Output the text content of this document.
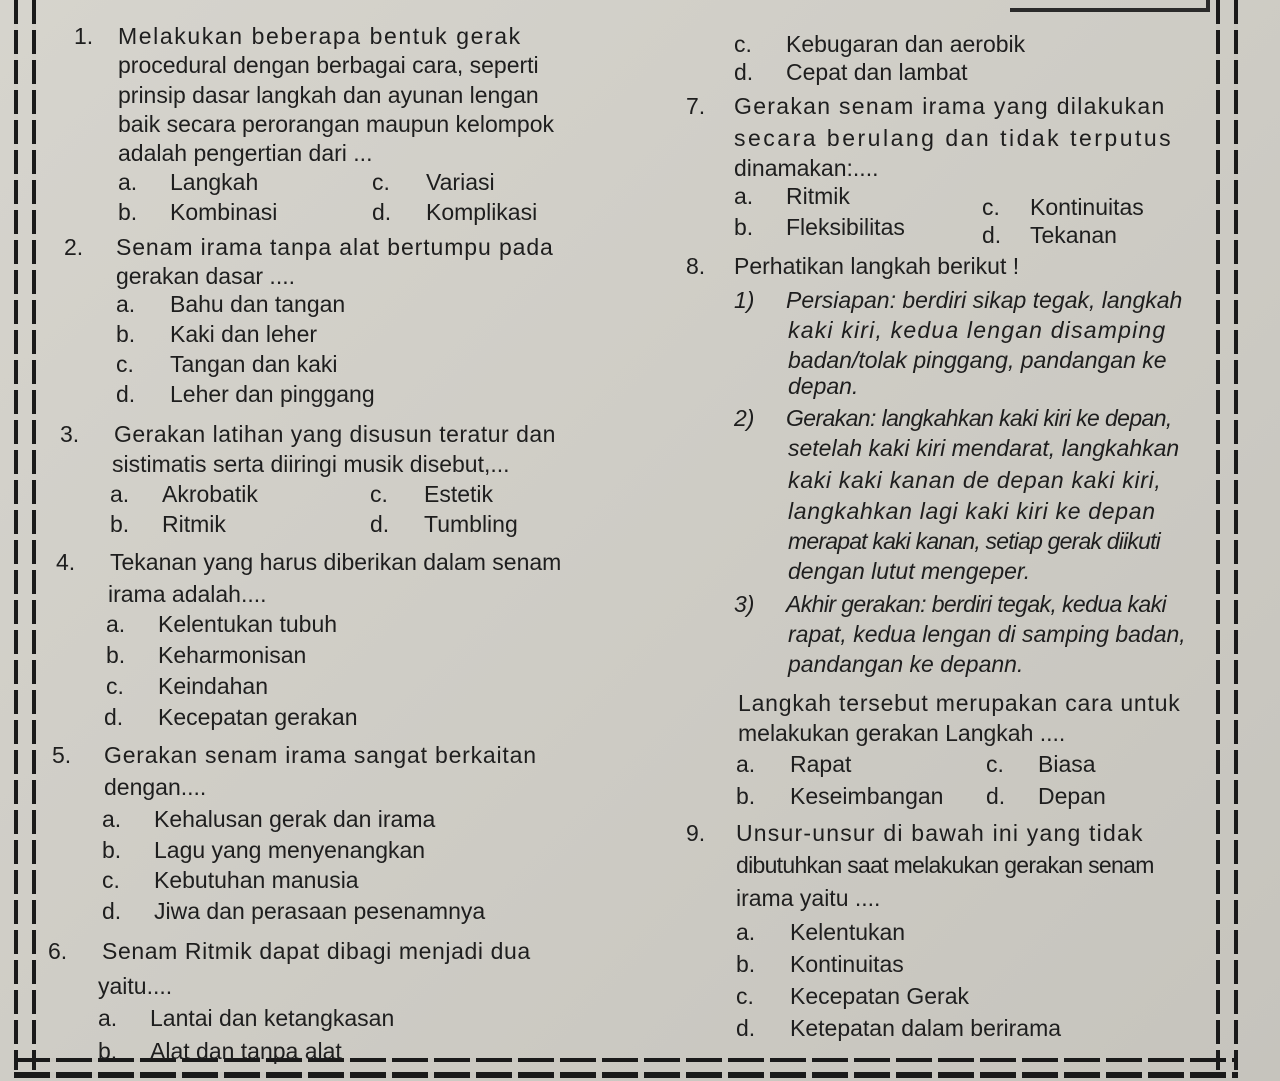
1. Melakukan beberapa bentuk gerak
procedural dengan berbagai cara, seperti
prinsip dasar langkah dan ayunan lengan
baik secara perorangan maupun kelompok
adalah pengertian dari ...
a. Langkah
b. Kombinasi
c. Variasi
d. Komplikasi
2. Senam irama tanpa alat bertumpu pada
gerakan dasar ....
a. Bahu dan tangan
b. Kaki dan leher
c. Tangan dan kaki
d. Leher dan pinggang
3. Gerakan latihan yang disusun teratur dan
sistimatis serta diiringi musik disebut,...
a. Akrobatik
b. Ritmik
c. Estetik
d. Tumbling
4. Tekanan yang harus diberikan dalam senam
irama adalah....
a. Kelentukan tubuh
b. Keharmonisan
c. Keindahan
d. Kecepatan gerakan
5. Gerakan senam irama sangat berkaitan
dengan....
a. Kehalusan gerak dan irama
b. Lagu yang menyenangkan
c. Kebutuhan manusia
d. Jiwa dan perasaan pesenamnya
6. Senam Ritmik dapat dibagi menjadi dua
yaitu....
a. Lantai dan ketangkasan
b. Alat dan tanpa alat
c. Kebugaran dan aerobik
d. Cepat dan lambat
7. Gerakan senam irama yang dilakukan
secara berulang dan tidak terputus
dinamakan:....
a. Ritmik
b. Fleksibilitas
c. Kontinuitas
d. Tekanan
8. Perhatikan langkah berikut !
1) Persiapan: berdiri sikap tegak, langkah
kaki kiri, kedua lengan disamping
badan/tolak pinggang, pandangan ke
depan.
2) Gerakan: langkahkan kaki kiri ke depan,
setelah kaki kiri mendarat, langkahkan
kaki kaki kanan de depan kaki kiri,
langkahkan lagi kaki kiri ke depan
merapat kaki kanan, setiap gerak diikuti
dengan lutut mengeper.
3) Akhir gerakan: berdiri tegak, kedua kaki
rapat, kedua lengan di samping badan,
pandangan ke depann.
Langkah tersebut merupakan cara untuk
melakukan gerakan Langkah ....
a. Rapat
b. Keseimbangan
c. Biasa
d. Depan
9. Unsur-unsur di bawah ini yang tidak
dibutuhkan saat melakukan gerakan senam
irama yaitu ....
a. Kelentukan
b. Kontinuitas
c. Kecepatan Gerak
d. Ketepatan dalam berirama
